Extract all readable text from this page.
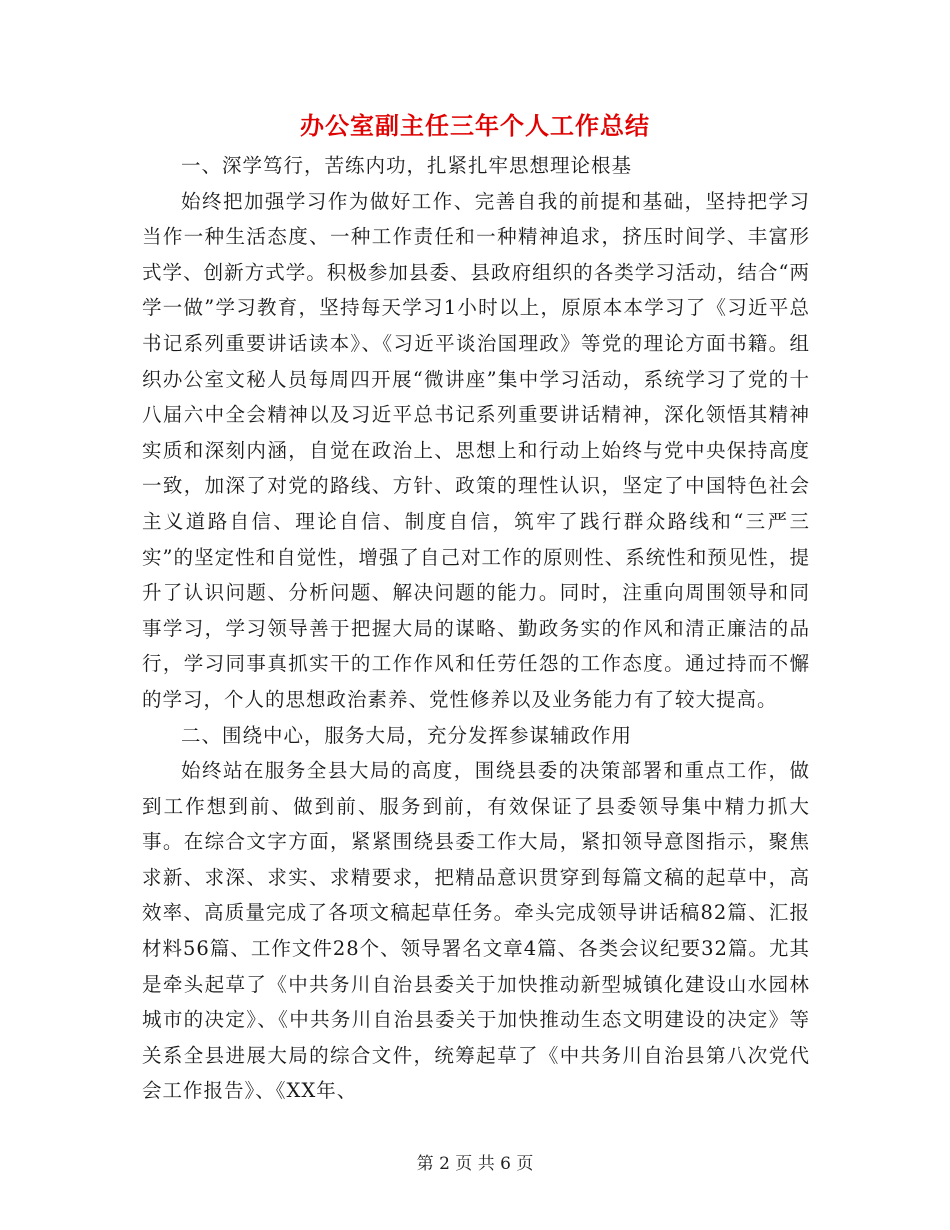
办公室副主任三年个人工作总结

一、深学笃行，苦练内功，扎紧扎牢思想理论根基

始终把加强学习作为做好工作、完善自我的前提和基础，坚持把学习当作一种生活态度、一种工作责任和一种精神追求，挤压时间学、丰富形式学、创新方式学。积极参加县委、县政府组织的各类学习活动，结合“两学一做”学习教育，坚持每天学习1小时以上，原原本本学习了《习近平总书记系列重要讲话读本》、《习近平谈治国理政》等党的理论方面书籍。组织办公室文秘人员每周四开展“微讲座”集中学习活动，系统学习了党的十八届六中全会精神以及习近平总书记系列重要讲话精神，深化领悟其精神实质和深刻内涵，自觉在政治上、思想上和行动上始终与党中央保持高度一致，加深了对党的路线、方针、政策的理性认识，坚定了中国特色社会主义道路自信、理论自信、制度自信，筑牢了践行群众路线和“三严三实”的坚定性和自觉性，增强了自己对工作的原则性、系统性和预见性，提升了认识问题、分析问题、解决问题的能力。同时，注重向周围领导和同事学习，学习领导善于把握大局的谋略、勤政务实的作风和清正廉洁的品行，学习同事真抓实干的工作作风和任劳任怨的工作态度。通过持而不懈的学习，个人的思想政治素养、党性修养以及业务能力有了较大提高。

二、围绕中心，服务大局，充分发挥参谋辅政作用

始终站在服务全县大局的高度，围绕县委的决策部署和重点工作，做到工作想到前、做到前、服务到前，有效保证了县委领导集中精力抓大事。在综合文字方面，紧紧围绕县委工作大局，紧扣领导意图指示，聚焦求新、求深、求实、求精要求，把精品意识贯穿到每篇文稿的起草中，高效率、高质量完成了各项文稿起草任务。牵头完成领导讲话稿82篇、汇报材料56篇、工作文件28个、领导署名文章4篇、各类会议纪要32篇。尤其是牵头起草了《中共务川自治县委关于加快推动新型城镇化建设山水园林城市的决定》、《中共务川自治县委关于加快推动生态文明建设的决定》等关系全县进展大局的综合文件，统筹起草了《中共务川自治县第八次党代会工作报告》、《XX年、

第 2 页 共 6 页
